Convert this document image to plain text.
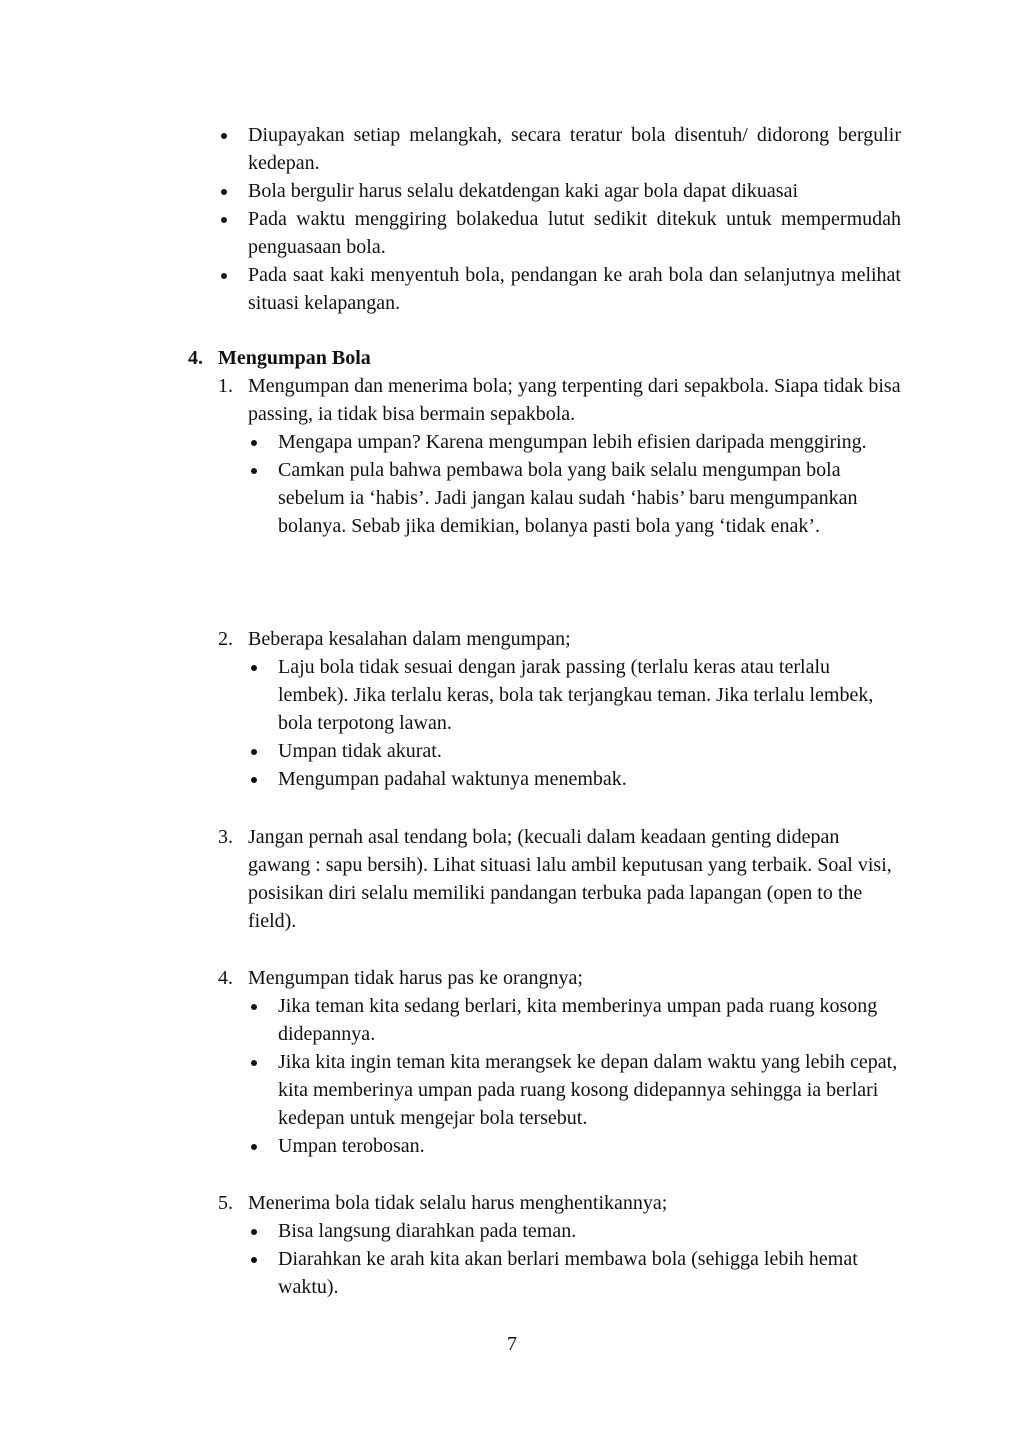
Diupayakan setiap melangkah, secara teratur bola disentuh/ didorong bergulir kedepan.
Bola bergulir harus selalu dekatdengan kaki agar bola dapat dikuasai
Pada waktu menggiring bolakedua lutut sedikit ditekuk untuk mempermudah penguasaan bola.
Pada saat kaki menyentuh bola, pendangan ke arah bola dan selanjutnya melihat situasi kelapangan.
4. Mengumpan Bola
1. Mengumpan dan menerima bola; yang terpenting dari sepakbola. Siapa tidak bisa passing, ia tidak bisa bermain sepakbola.
Mengapa umpan? Karena mengumpan lebih efisien daripada menggiring.
Camkan pula bahwa pembawa bola yang baik selalu mengumpan bola sebelum ia ‘habis’. Jadi jangan kalau sudah ‘habis’ baru mengumpankan bolanya. Sebab jika demikian, bolanya pasti bola yang ‘tidak enak’.
2. Beberapa kesalahan dalam mengumpan;
Laju bola tidak sesuai dengan jarak passing (terlalu keras atau terlalu lembek). Jika terlalu keras, bola tak terjangkau teman. Jika terlalu lembek, bola terpotong lawan.
Umpan tidak akurat.
Mengumpan padahal waktunya menembak.
3. Jangan pernah asal tendang bola; (kecuali dalam keadaan genting didepan gawang : sapu bersih). Lihat situasi lalu ambil keputusan yang terbaik. Soal visi, posisikan diri selalu memiliki pandangan terbuka pada lapangan (open to the field).
4. Mengumpan tidak harus pas ke orangnya;
Jika teman kita sedang berlari, kita memberinya umpan pada ruang kosong didepannya.
Jika kita ingin teman kita merangsek ke depan dalam waktu yang lebih cepat, kita memberinya umpan pada ruang kosong didepannya sehingga ia berlari kedepan untuk mengejar bola tersebut.
Umpan terobosan.
5. Menerima bola tidak selalu harus menghentikannya;
Bisa langsung diarahkan pada teman.
Diarahkan ke arah kita akan berlari membawa bola (sehigga lebih hemat waktu).
7
